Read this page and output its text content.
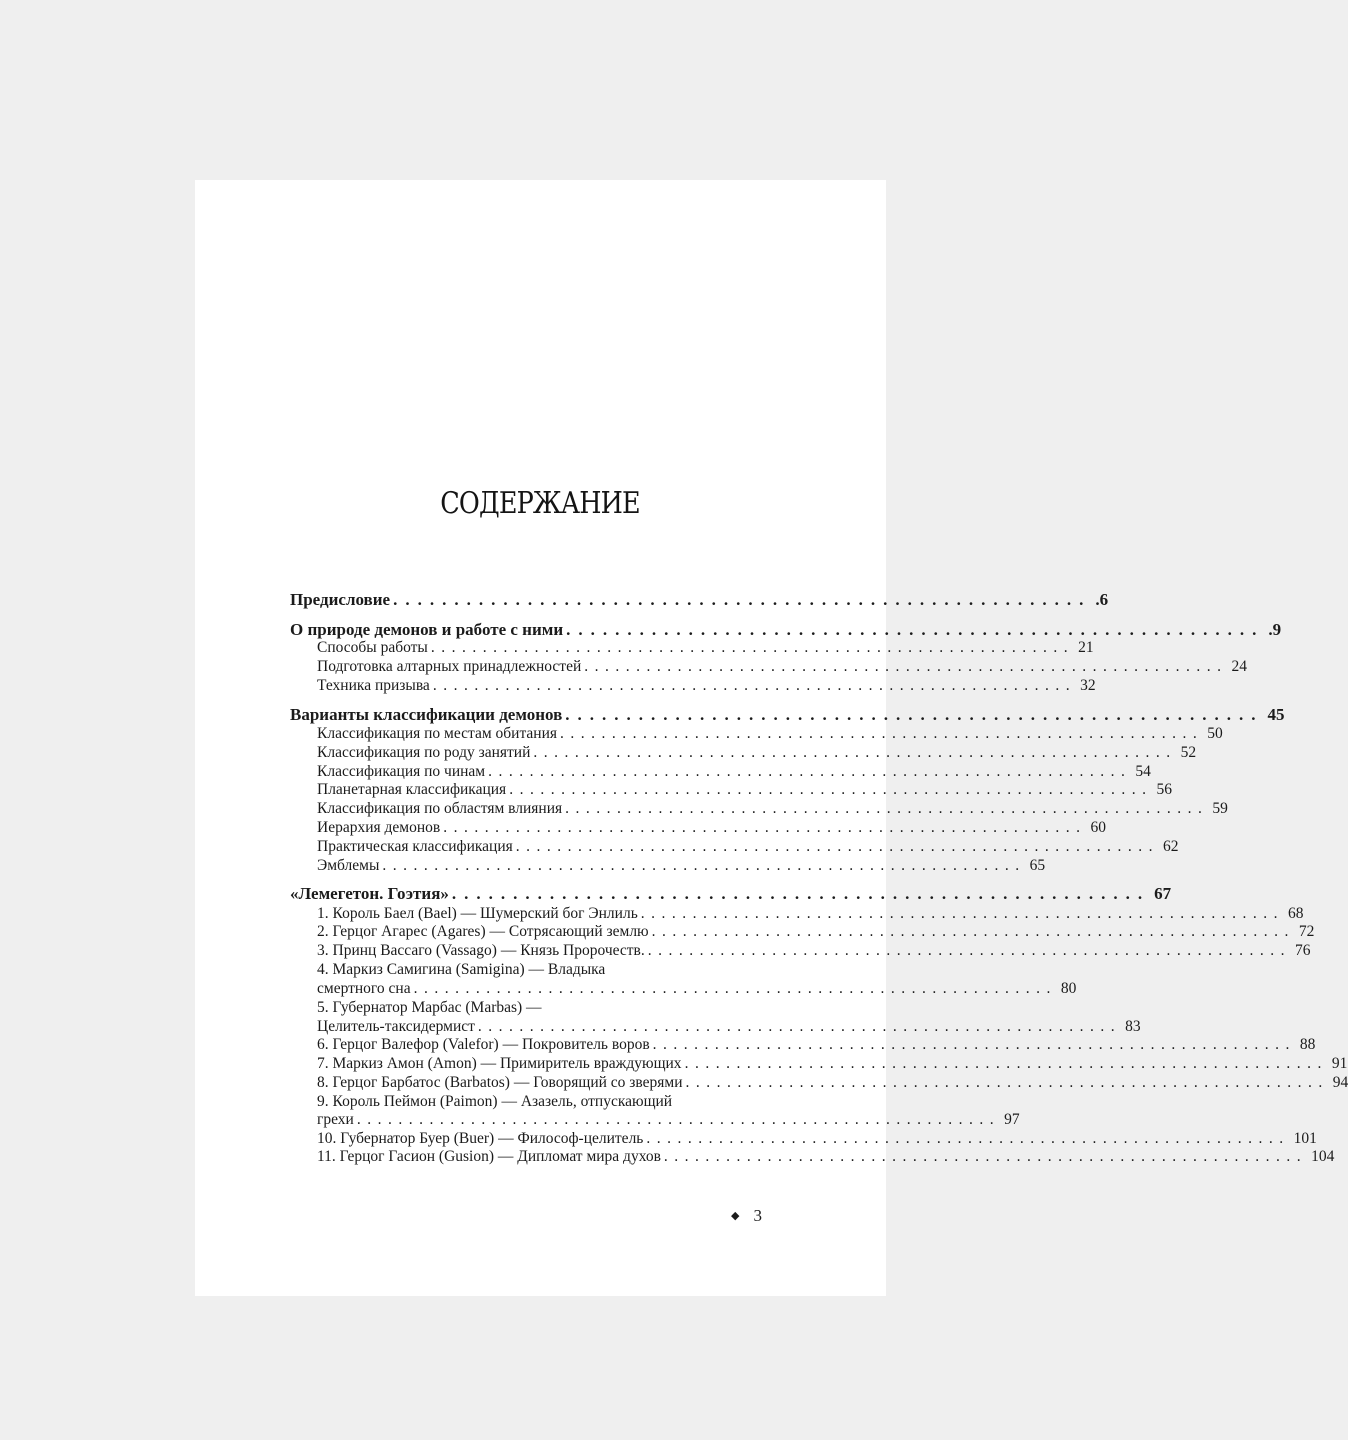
СОДЕРЖАНИЕ
Предисловие ......................................................... .6
О природе демонов и работе с ними ......................................................... .9
Способы работы .............................................................. 21
Подготовка алтарных принадлежностей .............................................................. 24
Техника призыва .............................................................. 32
Варианты классификации демонов ......................................................... 45
Классификация по местам обитания .............................................................. 50
Классификация по роду занятий .............................................................. 52
Классификация по чинам .............................................................. 54
Планетарная классификация .............................................................. 56
Классификация по областям влияния .............................................................. 59
Иерархия демонов .............................................................. 60
Практическая классификация .............................................................. 62
Эмблемы .............................................................. 65
«Лемегетон. Гоэтия» ......................................................... 67
1. Король Баел (Bael) — Шумерский бог Энлиль .............................................................. 68
2. Герцог Агарес (Agares) — Сотрясающий землю .............................................................. 72
3. Принц Вассаго (Vassago) — Князь Пророчеств. .............................................................. 76
4. Маркиз Самигина (Samigina) — Владыка
смертного сна .............................................................. 80
5. Губернатор Марбас (Marbas) —
Целитель-таксидермист .............................................................. 83
6. Герцог Валефор (Valefor) — Покровитель воров .............................................................. 88
7. Маркиз Амон (Amon) — Примиритель враждующих .............................................................. 91
8. Герцог Барбатос (Barbatos) — Говорящий со зверями .............................................................. 94
9. Король Пеймон (Paimon) — Азазель, отпускающий
грехи .............................................................. 97
10. Губернатор Буер (Buer) — Философ-целитель .............................................................. 101
11. Герцог Гасион (Gusion) — Дипломат мира духов .............................................................. 104
◆ 3
